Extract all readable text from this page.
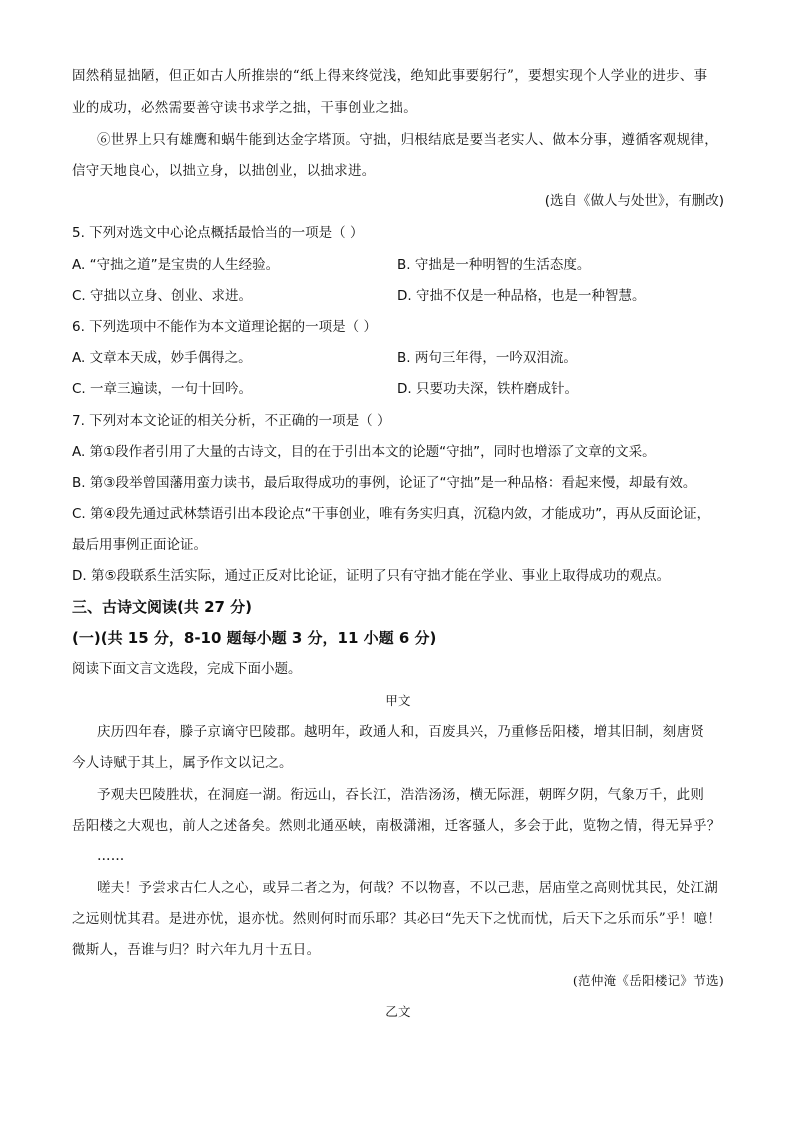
固然稍显拙陋，但正如古人所推崇的“纸上得来终觉浅，绝知此事要躬行”，要想实现个人学业的进步、事
业的成功，必然需要善守读书求学之拙，干事创业之拙。
⑥世界上只有雄鹰和蜗牛能到达金字塔顶。守拙，归根结底是要当老实人、做本分事，遵循客观规律，
信守天地良心，以拙立身，以拙创业，以拙求进。
(选自《做人与处世》，有删改)
5. 下列对选文中心论点概括最恰当的一项是（ ）
A. “守拙之道”是宝贵的人生经验。	B. 守拙是一种明智的生活态度。
C. 守拙以立身、创业、求进。	D. 守拙不仅是一种品格，也是一种智慧。
6. 下列选项中不能作为本文道理论据的一项是（ ）
A. 文章本天成，妙手偶得之。	B. 两句三年得，一吟双泪流。
C. 一章三遍读，一句十回吟。	D. 只要功夫深，铁杵磨成针。
7. 下列对本文论证的相关分析，不正确的一项是（ ）
A. 第①段作者引用了大量的古诗文，目的在于引出本文的论题“守拙”，同时也增添了文章的文采。
B. 第③段举曾国藩用蛮力读书，最后取得成功的事例，论证了“守拙”是一种品格：看起来慢，却最有效。
C. 第④段先通过武林禁语引出本段论点“干事创业，唯有务实归真，沉稳内敛，才能成功”，再从反面论证，
最后用事例正面论证。
D. 第⑤段联系生活实际，通过正反对比论证，证明了只有守拙才能在学业、事业上取得成功的观点。
三、古诗文阅读(共 27 分)
(一)(共 15 分，8-10 题每小题 3 分，11 小题 6 分)
阅读下面文言文选段，完成下面小题。
甲文
庆历四年春，滕子京谪守巴陵郡。越明年，政通人和，百废具兴，乃重修岳阳楼，增其旧制，刻唐贤
今人诗赋于其上，属予作文以记之。
予观夫巴陵胜状，在洞庭一湖。衔远山，吞长江，浩浩汤汤，横无际涯，朝晖夕阴，气象万千，此则
岳阳楼之大观也，前人之述备矣。然则北通巫峡，南极潇湘，迁客骚人，多会于此，览物之情，得无异乎？
……
嗟夫！予尝求古仁人之心，或异二者之为，何哉？不以物喜，不以己悲，居庙堂之高则忧其民，处江湖
之远则忧其君。是进亦忧，退亦忧。然则何时而乐耶？其必曰“先天下之忧而忧，后天下之乐而乐”乎！噫！
微斯人，吾谁与归？时六年九月十五日。
(范仲淹《岳阳楼记》节选)
乙文
